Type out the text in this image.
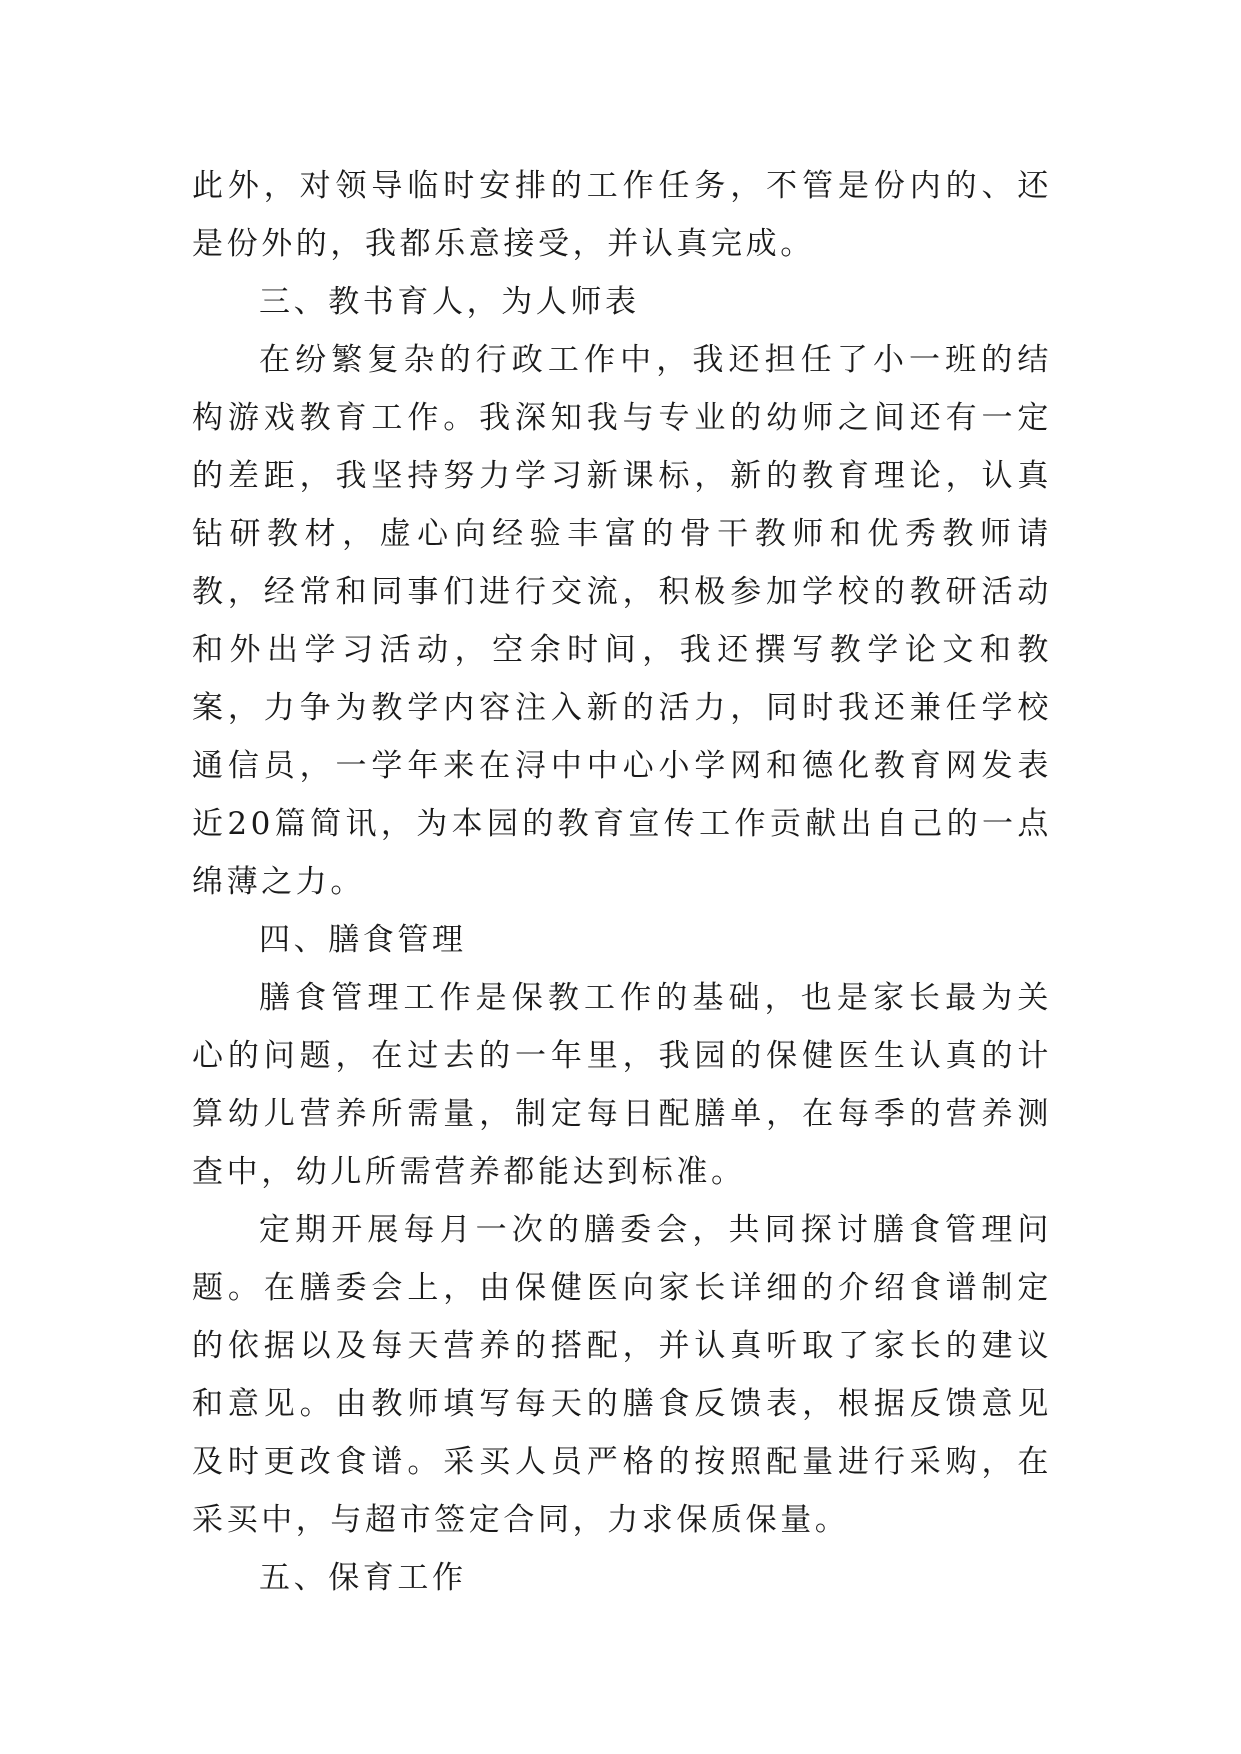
此外，对领导临时安排的工作任务，不管是份内的、还是份外的，我都乐意接受，并认真完成。

三、教书育人，为人师表

在纷繁复杂的行政工作中，我还担任了小一班的结构游戏教育工作。我深知我与专业的幼师之间还有一定的差距，我坚持努力学习新课标，新的教育理论，认真钻研教材，虚心向经验丰富的骨干教师和优秀教师请教，经常和同事们进行交流，积极参加学校的教研活动和外出学习活动，空余时间，我还撰写教学论文和教案，力争为教学内容注入新的活力，同时我还兼任学校通信员，一学年来在浔中中心小学网和德化教育网发表近20篇简讯，为本园的教育宣传工作贡献出自己的一点绵薄之力。

四、膳食管理

膳食管理工作是保教工作的基础，也是家长最为关心的问题，在过去的一年里，我园的保健医生认真的计算幼儿营养所需量，制定每日配膳单，在每季的营养测查中，幼儿所需营养都能达到标准。

定期开展每月一次的膳委会，共同探讨膳食管理问题。在膳委会上，由保健医向家长详细的介绍食谱制定的依据以及每天营养的搭配，并认真听取了家长的建议和意见。由教师填写每天的膳食反馈表，根据反馈意见及时更改食谱。采买人员严格的按照配量进行采购，在采买中，与超市签定合同，力求保质保量。

五、保育工作
